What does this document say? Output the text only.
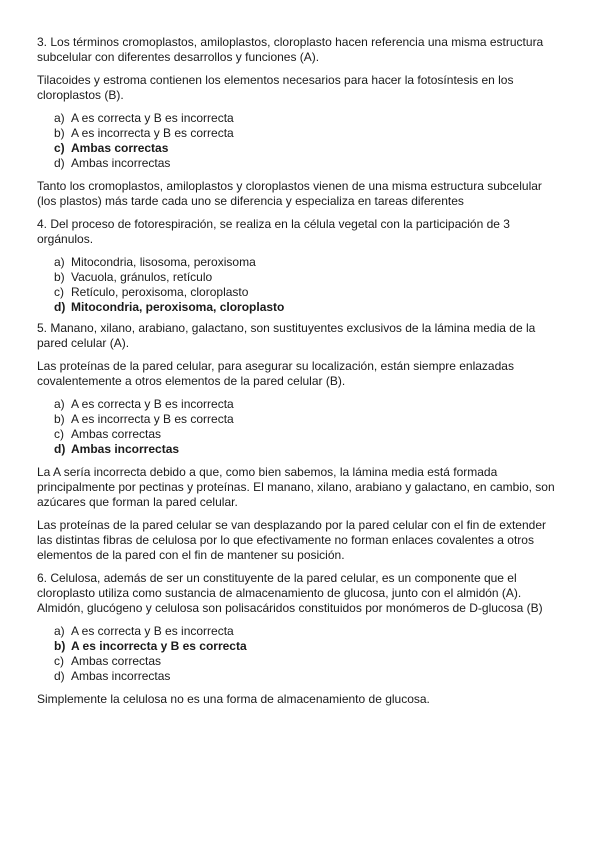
3. Los términos cromoplastos, amiloplastos, cloroplasto hacen referencia una misma estructura subcelular con diferentes desarrollos y funciones (A).

Tilacoides y estroma contienen los elementos necesarios para hacer la fotosíntesis en los cloroplastos (B).

a) A es correcta y B es incorrecta
b) A es incorrecta y B es correcta
c) Ambas correctas
d) Ambas incorrectas

Tanto los cromoplastos, amiloplastos y cloroplastos vienen de una misma estructura subcelular (los plastos) más tarde cada uno se diferencia y especializa en tareas diferentes

4. Del proceso de fotorespiración, se realiza en la célula vegetal con la participación de 3 orgánulos.

a) Mitocondria, lisosoma, peroxisoma
b) Vacuola, gránulos, retículo
c) Retículo, peroxisoma, cloroplasto
d) Mitocondria, peroxisoma, cloroplasto

5. Manano, xilano, arabiano, galactano, son sustituyentes exclusivos de la lámina media de la pared celular (A).

Las proteínas de la pared celular, para asegurar su localización, están siempre enlazadas covalentemente a otros elementos de la pared celular (B).

a) A es correcta y B es incorrecta
b) A es incorrecta y B es correcta
c) Ambas correctas
d) Ambas incorrectas

La A sería incorrecta debido a que, como bien sabemos, la lámina media está formada principalmente por pectinas y proteínas. El manano, xilano, arabiano y galactano, en cambio, son azúcares que forman la pared celular.

Las proteínas de la pared celular se van desplazando por la pared celular con el fin de extender las distintas fibras de celulosa por lo que efectivamente no forman enlaces covalentes a otros elementos de la pared con el fin de mantener su posición.

6. Celulosa, además de ser un constituyente de la pared celular, es un componente que el cloroplasto utiliza como sustancia de almacenamiento de glucosa, junto con el almidón (A). Almidón, glucógeno y celulosa son polisacáridos constituidos por monómeros de D-glucosa (B)

a) A es correcta y B es incorrecta
b) A es incorrecta y B es correcta
c) Ambas correctas
d) Ambas incorrectas

Simplemente la celulosa no es una forma de almacenamiento de glucosa.
